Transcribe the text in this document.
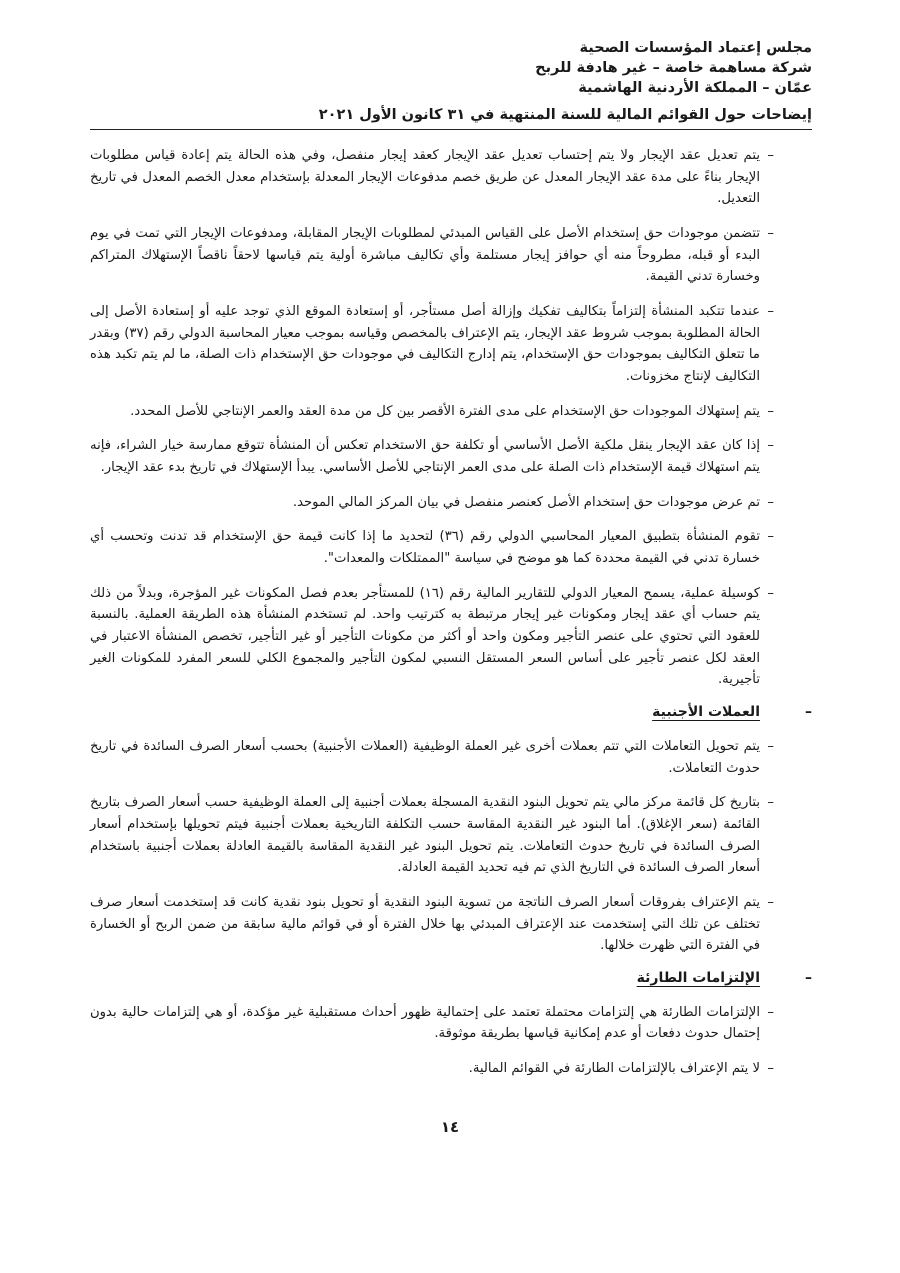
مجلس إعتماد المؤسسات الصحية
شركة مساهمة خاصة – غير هادفة للربح
عمّان – المملكة الأردنية الهاشمية
إيضاحات حول القوائم المالية للسنة المنتهية في ٣١ كانون الأول ٢٠٢١

–
يتم تعديل عقد الإيجار ولا يتم إحتساب تعديل عقد الإيجار كعقد إيجار منفصل، وفي هذه الحالة يتم إعادة قياس مطلوبات الإيجار بناءً على مدة عقد الإيجار المعدل عن طريق خصم مدفوعات الإيجار المعدلة بإستخدام معدل الخصم المعدل في تاريخ التعديل.

–
تتضمن موجودات حق إستخدام الأصل على القياس المبدئي لمطلوبات الإيجار المقابلة، ومدفوعات الإيجار التي تمت في يوم البدء أو قبله، مطروحاً منه أي حوافز إيجار مستلمة وأي تكاليف مباشرة أولية يتم قياسها لاحقاً ناقصاً الإستهلاك المتراكم وخسارة تدني القيمة.

–
عندما تتكبد المنشأة إلتزاماً بتكاليف تفكيك وإزالة أصل مستأجر، أو إستعادة الموقع الذي توجد عليه أو إستعادة الأصل إلى الحالة المطلوبة بموجب شروط عقد الإيجار، يتم الإعتراف بالمخصص وقياسه بموجب معيار المحاسبة الدولي رقم (٣٧) وبقدر ما تتعلق التكاليف بموجودات حق الإستخدام، يتم إدارج التكاليف في موجودات حق الإستخدام ذات الصلة، ما لم يتم تكبد هذه التكاليف لإنتاج مخزونات.

–
يتم إستهلاك الموجودات حق الإستخدام على مدى الفترة الأقصر بين كل من مدة العقد والعمر الإنتاجي للأصل المحدد.

–
إذا كان عقد الإيجار ينقل ملكية الأصل الأساسي أو تكلفة حق الاستخدام تعكس أن المنشأة تتوقع ممارسة خيار الشراء، فإنه يتم استهلاك قيمة الإستخدام ذات الصلة على مدى العمر الإنتاجي للأصل الأساسي. يبدأ الإستهلاك في تاريخ بدء عقد الإيجار.

–
تم عرض موجودات حق إستخدام الأصل كعنصر منفصل في بيان المركز المالي الموحد.

–
تقوم المنشأة بتطبيق المعيار المحاسبي الدولي رقم (٣٦) لتحديد ما إذا كانت قيمة حق الإستخدام قد تدنت وتحسب أي خسارة تدني في القيمة محددة كما هو موضح في سياسة "الممتلكات والمعدات".

–
كوسيلة عملية، يسمح المعيار الدولي للتقارير المالية رقم (١٦) للمستأجر بعدم فصل المكونات غير المؤجرة، وبدلاً من ذلك يتم حساب أي عقد إيجار ومكونات غير إيجار مرتبطة به كترتيب واحد. لم تستخدم المنشأة هذه الطريقة العملية. بالنسبة للعقود التي تحتوي على عنصر التأجير ومكون واحد أو أكثر من مكونات التأجير أو غير التأجير، تخصص المنشأة الاعتبار في العقد لكل عنصر تأجير على أساس السعر المستقل النسبي لمكون التأجير والمجموع الكلي للسعر المفرد للمكونات الغير تأجيرية.

–
العملات الأجنبية

–
يتم تحويل التعاملات التي تتم بعملات أخرى غير العملة الوظيفية (العملات الأجنبية) بحسب أسعار الصرف السائدة في تاريخ حدوث التعاملات.

–
بتاريخ كل قائمة مركز مالي يتم تحويل البنود النقدية المسجلة بعملات أجنبية إلى العملة الوظيفية حسب أسعار الصرف بتاريخ القائمة (سعر الإغلاق). أما البنود غير النقدية المقاسة حسب التكلفة التاريخية بعملات أجنبية فيتم تحويلها بإستخدام أسعار الصرف السائدة في تاريخ حدوث التعاملات. يتم تحويل البنود غير النقدية المقاسة بالقيمة العادلة بعملات أجنبية باستخدام أسعار الصرف السائدة في التاريخ الذي تم فيه تحديد القيمة العادلة.

–
يتم الإعتراف بفروقات أسعار الصرف الناتجة من تسوية البنود النقدية أو تحويل بنود نقدية كانت قد إستخدمت أسعار صرف تختلف عن تلك التي إستخدمت عند الإعتراف المبدئي بها خلال الفترة أو في قوائم مالية سابقة من ضمن الربح أو الخسارة في الفترة التي ظهرت خلالها.

–
الإلتزامات الطارئة

–
الإلتزامات الطارئة هي إلتزامات محتملة تعتمد على إحتمالية ظهور أحداث مستقبلية غير مؤكدة، أو هي إلتزامات حالية بدون إحتمال حدوث دفعات أو عدم إمكانية قياسها بطريقة موثوقة.

–
لا يتم الإعتراف بالإلتزامات الطارئة في القوائم المالية.

١٤
